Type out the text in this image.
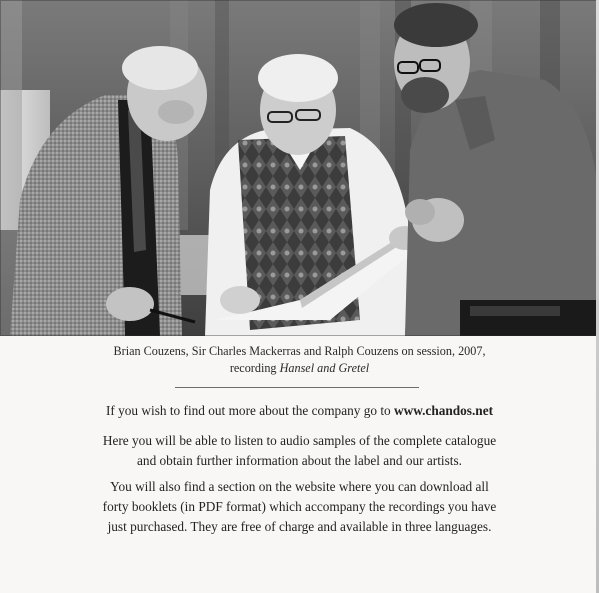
Brian Couzens, Sir Charles Mackerras and Ralph Couzens on session, 2007,
recording Hansel and Gretel
If you wish to find out more about the company go to www.chandos.net
Here you will be able to listen to audio samples of the complete catalogue
and obtain further information about the label and our artists.
You will also find a section on the website where you can download all
forty booklets (in PDF format) which accompany the recordings you have
just purchased. They are free of charge and available in three languages.
